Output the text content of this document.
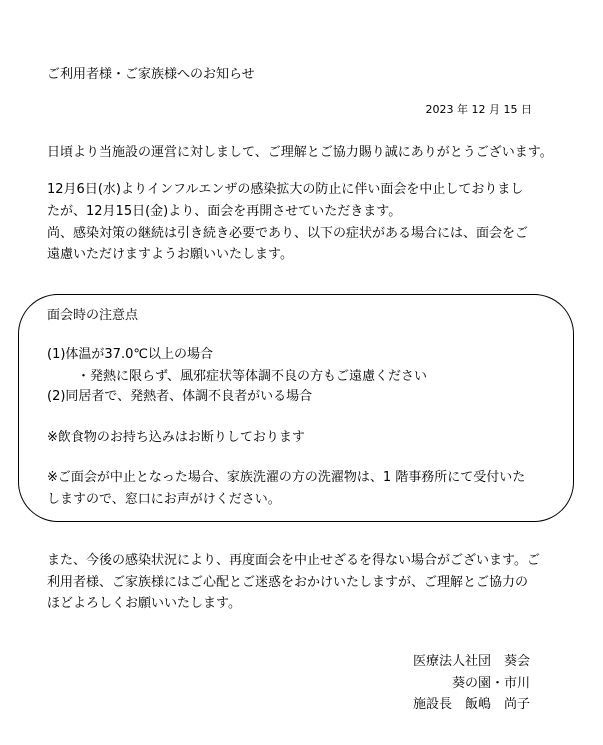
ご利用者様・ご家族様へのお知らせ
2023 年 12 月 15 日
日頃より当施設の運営に対しまして、ご理解とご協力賜り誠にありがとうございます。
12月6日(水)よりインフルエンザの感染拡大の防止に伴い面会を中止しておりまし
たが、12月15日(金)より、面会を再開させていただきます。
尚、感染対策の継続は引き続き必要であり、以下の症状がある場合には、面会をご
遠慮いただけますようお願いいたします。
面会時の注意点
(1)体温が37.0℃以上の場合
・発熱に限らず、風邪症状等体調不良の方もご遠慮ください
(2)同居者で、発熱者、体調不良者がいる場合
※飲食物のお持ち込みはお断りしております
※ご面会が中止となった場合、家族洗濯の方の洗濯物は、1 階事務所にて受付いた
しますので、窓口にお声がけください。
また、今後の感染状況により、再度面会を中止せざるを得ない場合がございます。ご
利用者様、ご家族様にはご心配とご迷惑をおかけいたしますが、ご理解とご協力の
ほどよろしくお願いいたします。
医療法人社団　葵会
葵の園・市川
施設長　飯嶋　尚子
